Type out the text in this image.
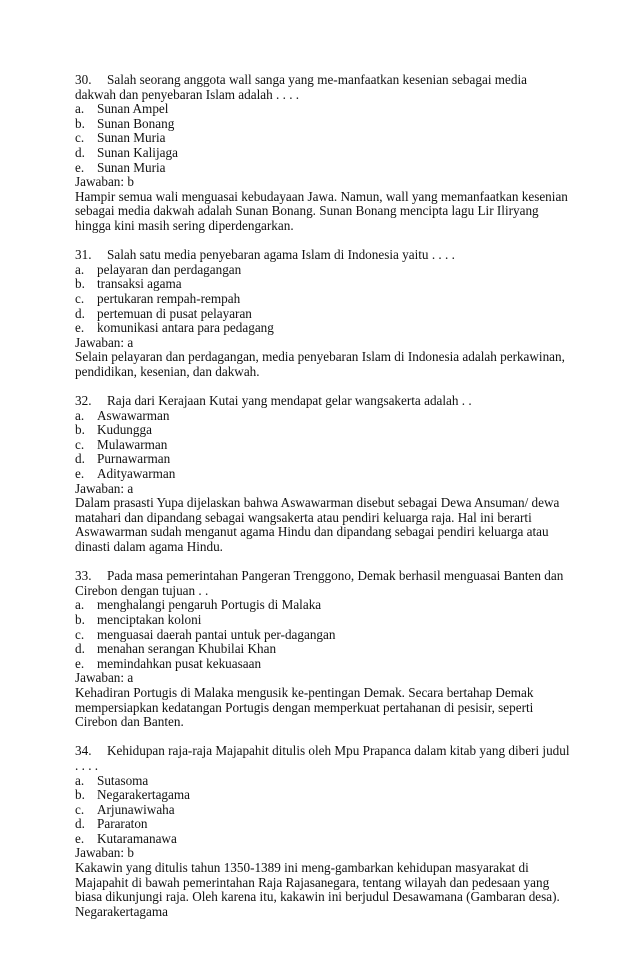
30. Salah seorang anggota wall sanga yang me-manfaatkan kesenian sebagai media dakwah dan penyebaran Islam adalah . . . .
a. Sunan Ampel
b. Sunan Bonang
c. Sunan Muria
d. Sunan Kalijaga
e. Sunan Muria
Jawaban: b
Hampir semua wali menguasai kebudayaan Jawa. Namun, wall yang memanfaatkan kesenian sebagai media dakwah adalah Sunan Bonang. Sunan Bonang mencipta lagu Lir Iliryang hingga kini masih sering diperdengarkan.
31. Salah satu media penyebaran agama Islam di Indonesia yaitu . . . .
a. pelayaran dan perdagangan
b. transaksi agama
c. pertukaran rempah-rempah
d. pertemuan di pusat pelayaran
e. komunikasi antara para pedagang
Jawaban: a
Selain pelayaran dan perdagangan, media penyebaran Islam di Indonesia adalah perkawinan, pendidikan, kesenian, dan dakwah.
32. Raja dari Kerajaan Kutai yang mendapat gelar wangsakerta adalah . .
a. Aswawarman
b. Kudungga
c. Mulawarman
d. Purnawarman
e. Adityawarman
Jawaban: a
Dalam prasasti Yupa dijelaskan bahwa Aswawarman disebut sebagai Dewa Ansuman/ dewa matahari dan dipandang sebagai wangsakerta atau pendiri keluarga raja. Hal ini berarti Aswawarman sudah menganut agama Hindu dan dipandang sebagai pendiri keluarga atau dinasti dalam agama Hindu.
33. Pada masa pemerintahan Pangeran Trenggono, Demak berhasil menguasai Banten dan Cirebon dengan tujuan . .
a. menghalangi pengaruh Portugis di Malaka
b. menciptakan koloni
c. menguasai daerah pantai untuk per-dagangan
d. menahan serangan Khubilai Khan
e. memindahkan pusat kekuasaan
Jawaban: a
Kehadiran Portugis di Malaka mengusik ke-pentingan Demak. Secara bertahap Demak mempersiapkan kedatangan Portugis dengan memperkuat pertahanan di pesisir, seperti Cirebon dan Banten.
34. Kehidupan raja-raja Majapahit ditulis oleh Mpu Prapanca dalam kitab yang diberi judul . . . .
a. Sutasoma
b. Negarakertagama
c. Arjunawiwaha
d. Pararaton
e. Kutaramanawa
Jawaban: b
Kakawin yang ditulis tahun 1350-1389 ini meng-gambarkan kehidupan masyarakat di Majapahit di bawah pemerintahan Raja Rajasanegara, tentang wilayah dan pedesaan yang biasa dikunjungi raja. Oleh karena itu, kakawin ini berjudul Desawamana (Gambaran desa). Negarakertagama
